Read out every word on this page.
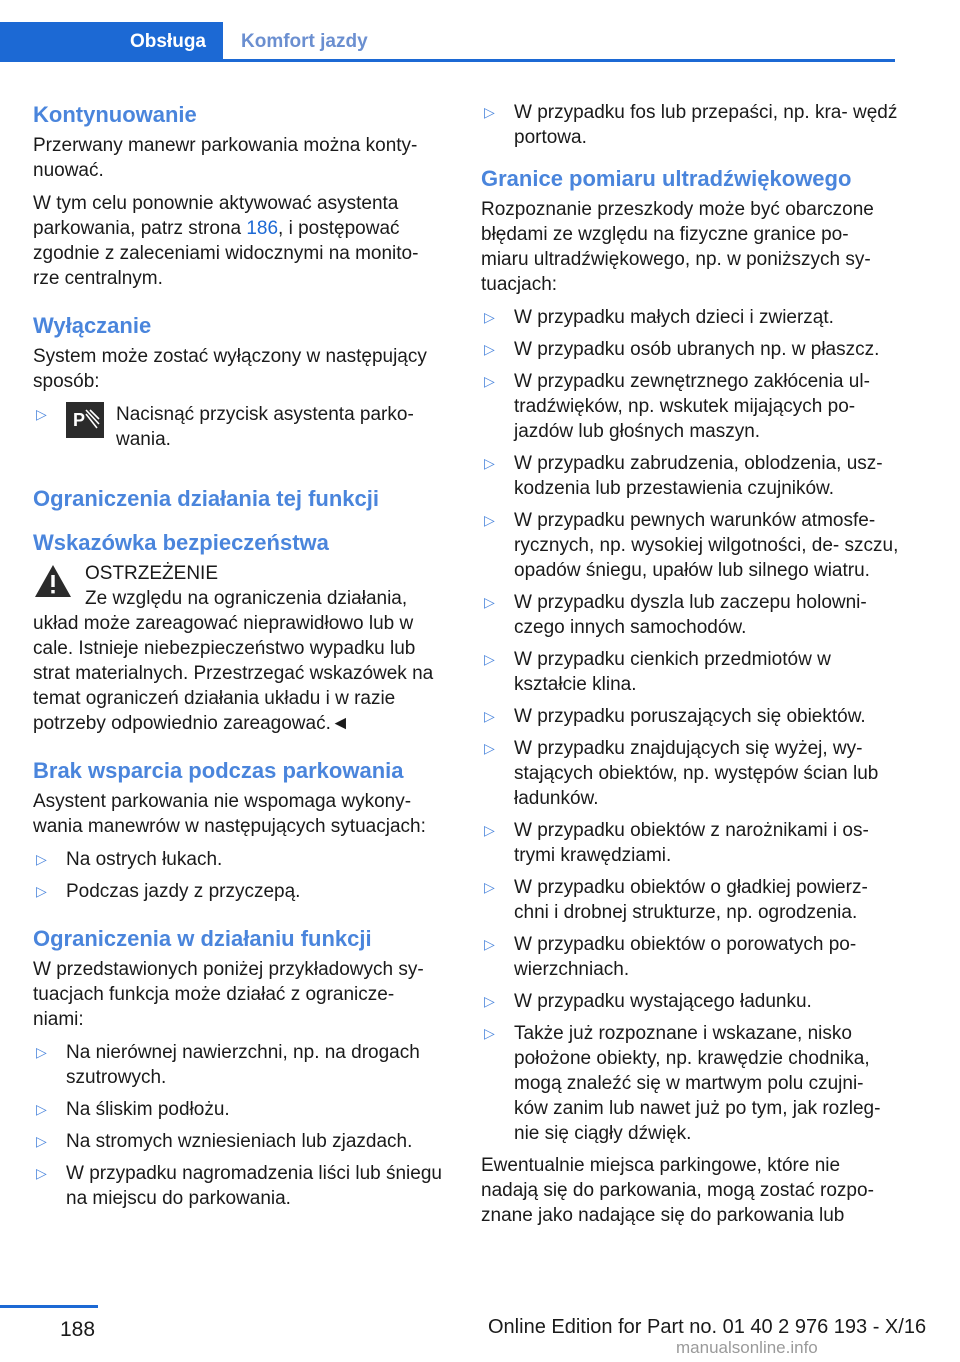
Obsługa	Komfort jazdy
Kontynuowanie

Przerwany manewr parkowania można konty‐ nuować.

W tym celu ponownie aktywować asystenta parkowania, patrz strona 186, i postępować zgodnie z zaleceniami widocznymi na monito‐ rze centralnym.

Wyłączanie

System może zostać wyłączony w następujący sposób:

▷ P Nacisnąć przycisk asystenta parko‐ wania.
Ograniczenia działania tej funkcji
Wskazówka bezpieczeństwa
OSTRZEŻENIE
Ze względu na ograniczenia działania,

układ może zareagować nieprawidłowo lub w cale. Istnieje niebezpieczeństwo wypadku lub strat materialnych. Przestrzegać wskazówek na temat ograniczeń działania układu i w razie potrzeby odpowiednio zareagować.◄

Brak wsparcia podczas parkowania

Asystent parkowania nie wspomaga wykony‐ wania manewrów w następujących sytuacjach:

▷ Na ostrych łukach.
▷ Podczas jazdy z przyczepą.
Ograniczenia w działaniu funkcji

W przedstawionych poniżej przykładowych sy‐ tuacjach funkcja może działać z ogranicze‐ niami:

▷ Na nierównej nawierzchni, np. na drogach szutrowych.
▷ Na śliskim podłożu.
▷ Na stromych wzniesieniach lub zjazdach.
▷ W przypadku nagromadzenia liści lub śniegu na miejscu do parkowania.
▷ W przypadku fos lub przepaści, np. kra‐ wędź portowa.
Granice pomiaru ultradźwiękowego

Rozpoznanie przeszkody może być obarczone błędami ze względu na fizyczne granice po‐ miaru ultradźwiękowego, np. w poniższych sy‐ tuacjach:

▷ W przypadku małych dzieci i zwierząt.
▷ W przypadku osób ubranych np. w płaszcz.
▷ W przypadku zewnętrznego zakłócenia ul‐ tradźwięków, np. wskutek mijających po‐ jazdów lub głośnych maszyn.
▷ W przypadku zabrudzenia, oblodzenia, usz‐ kodzenia lub przestawienia czujników.
▷ W przypadku pewnych warunków atmosfe‐ rycznych, np. wysokiej wilgotności, de‐ szczu, opadów śniegu, upałów lub silnego wiatru.
▷ W przypadku dyszla lub zaczepu holowni‐ czego innych samochodów.
▷ W przypadku cienkich przedmiotów w kształcie klina.
▷ W przypadku poruszających się obiektów.
▷ W przypadku znajdujących się wyżej, wy‐ stających obiektów, np. występów ścian lub ładunków.
▷ W przypadku obiektów z narożnikami i os‐ trymi krawędziami.
▷ W przypadku obiektów o gładkiej powierz‐ chni i drobnej strukturze, np. ogrodzenia.
▷ W przypadku obiektów o porowatych po‐ wierzchniach.
▷ W przypadku wystającego ładunku.
▷ Także już rozpoznane i wskazane, nisko położone obiekty, np. krawędzie chodnika, mogą znaleźć się w martwym polu czujni‐ ków zanim lub nawet już po tym, jak rozleg‐ nie się ciągły dźwięk.

Ewentualnie miejsca parkingowe, które nie nadają się do parkowania, mogą zostać rozpo‐ znane jako nadające się do parkowania lub

188	Online Edition for Part no. 01 40 2 976 193 - X/16
manualsonline.info
